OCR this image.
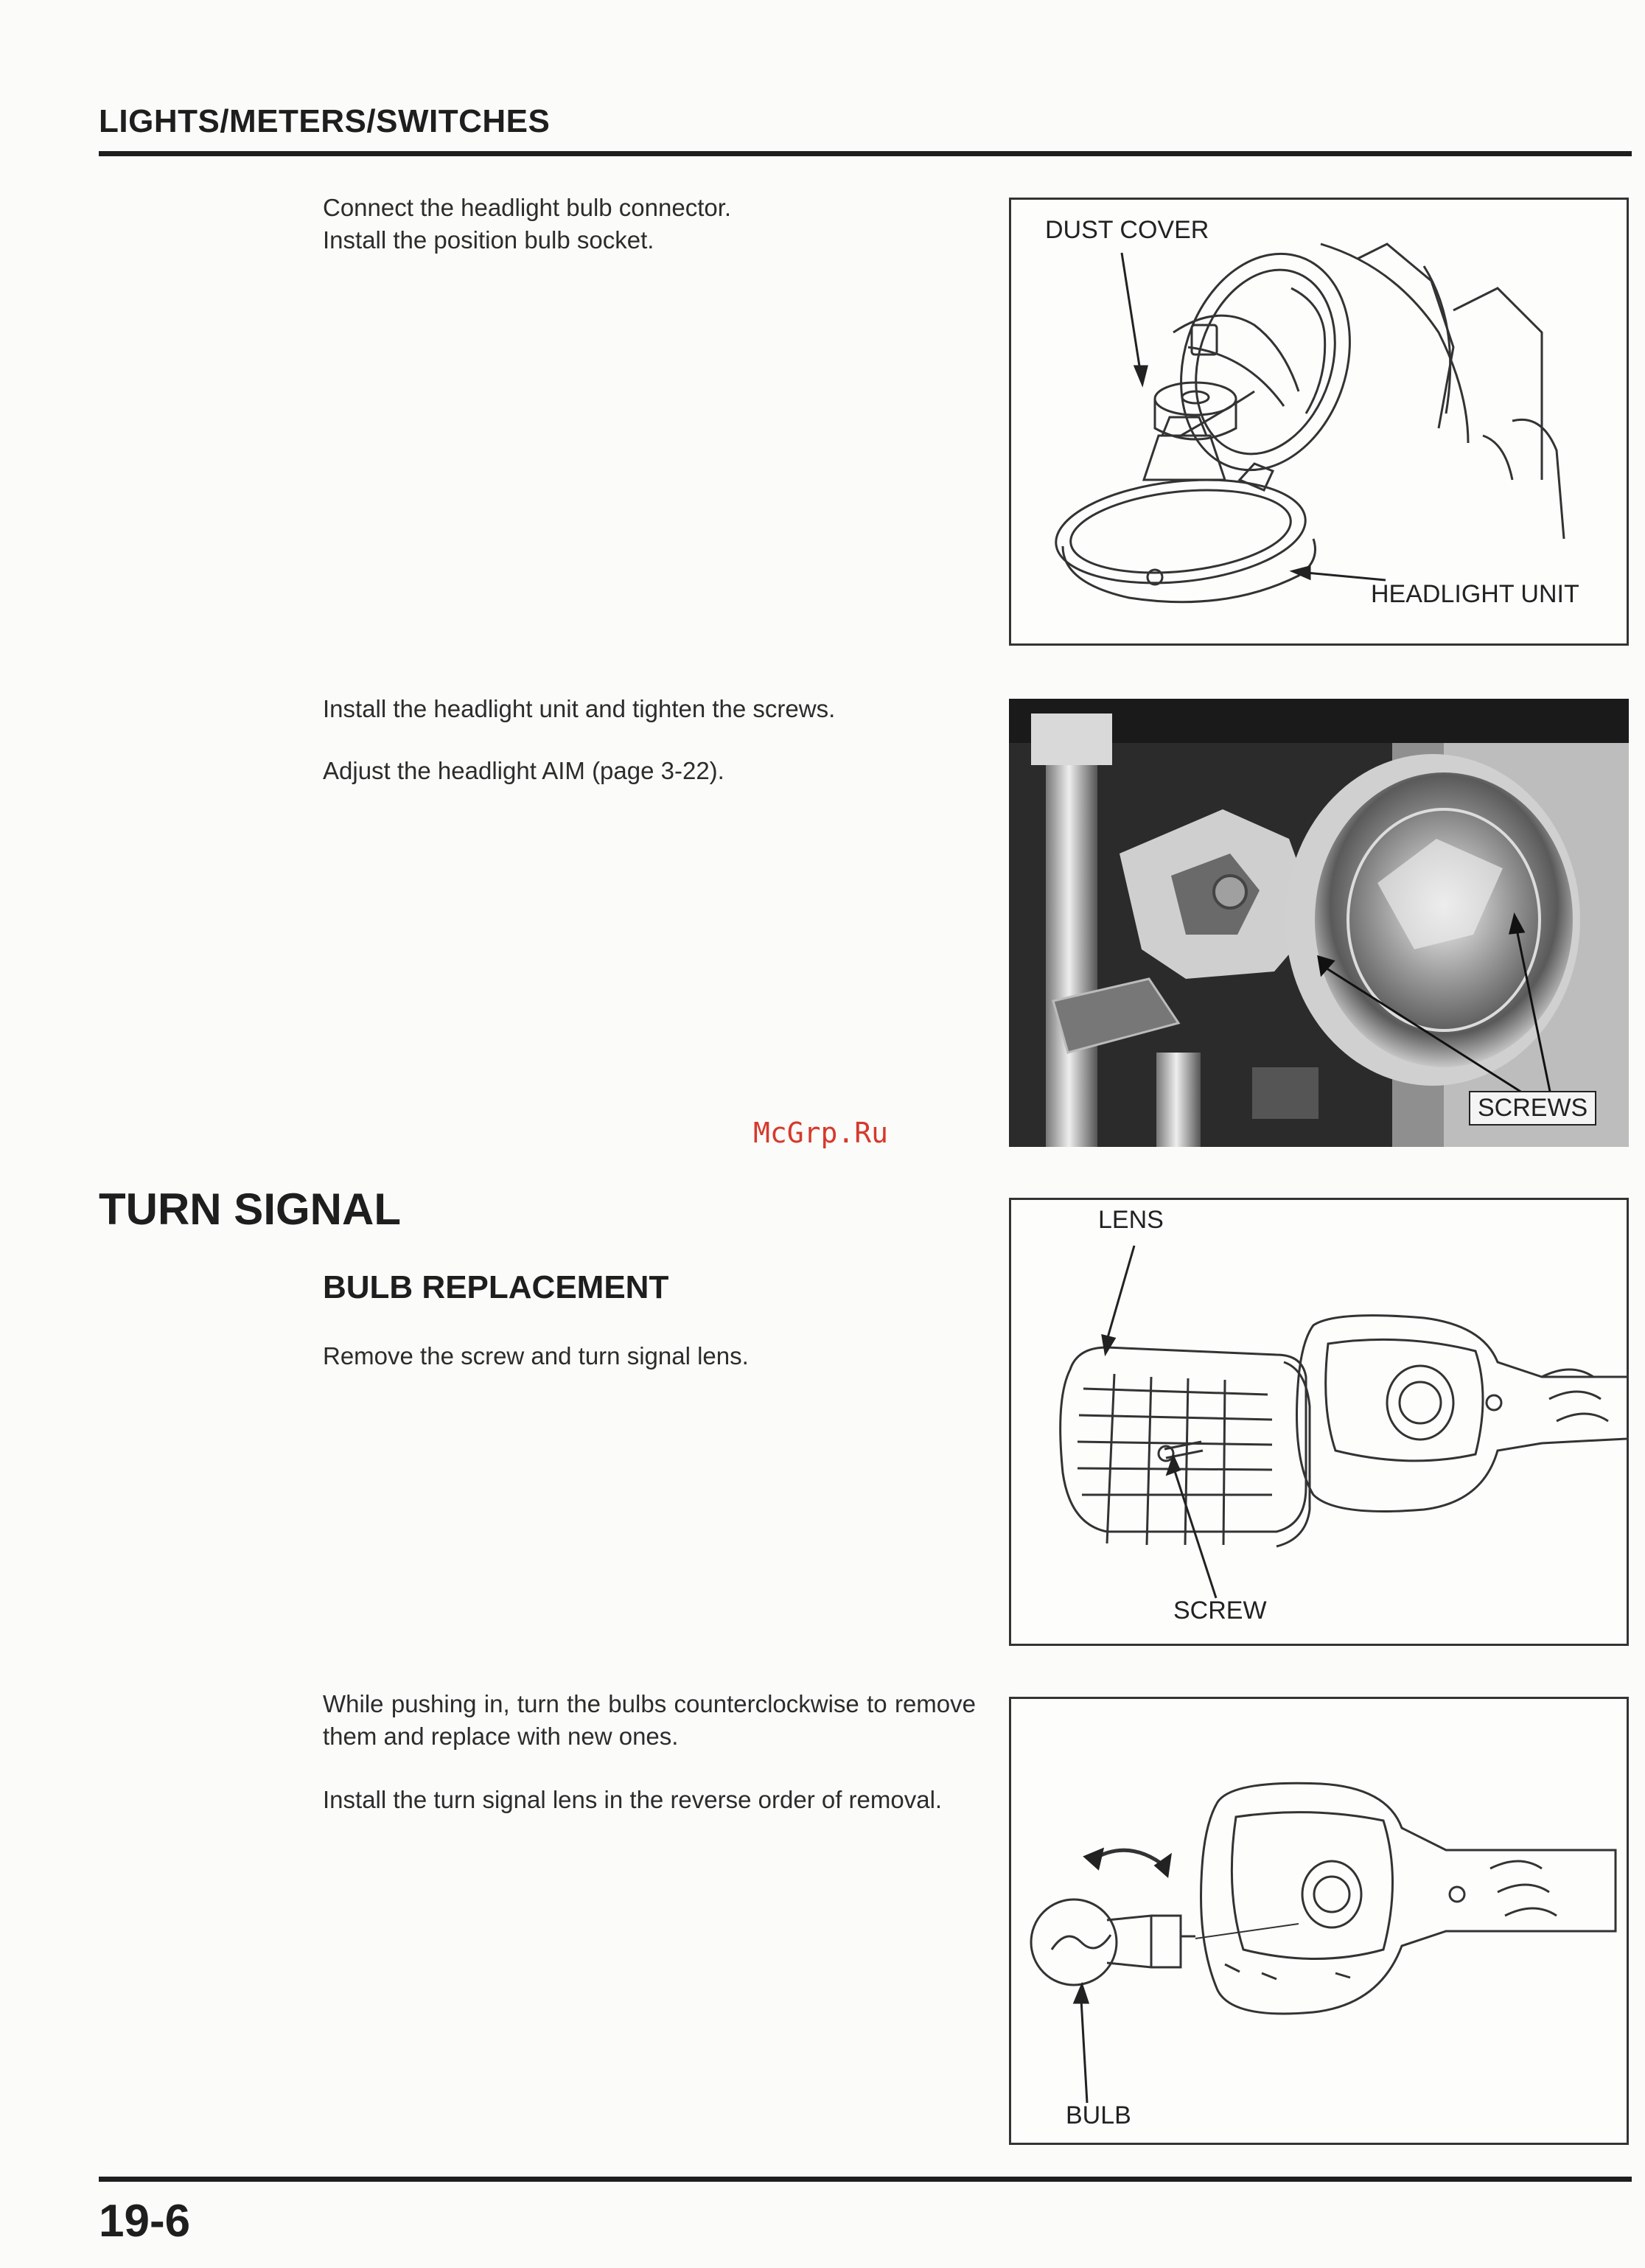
LIGHTS/METERS/SWITCHES

Connect the headlight bulb connector.

Install the position bulb socket.	DUST COVER
HEADLIGHT UNIT

Install the headlight unit and tighten the screws.

Adjust the headlight AIM (page 3-22).

SCREWS
McGrp.Ru
TURN SIGNAL
BULB REPLACEMENT
Remove the screw and turn signal lens.
LENS
SCREW

While pushing in, turn the bulbs counterclockwise to remove them and replace with new ones.

Install the turn signal lens in the reverse order of removal.

BULB
19-6
